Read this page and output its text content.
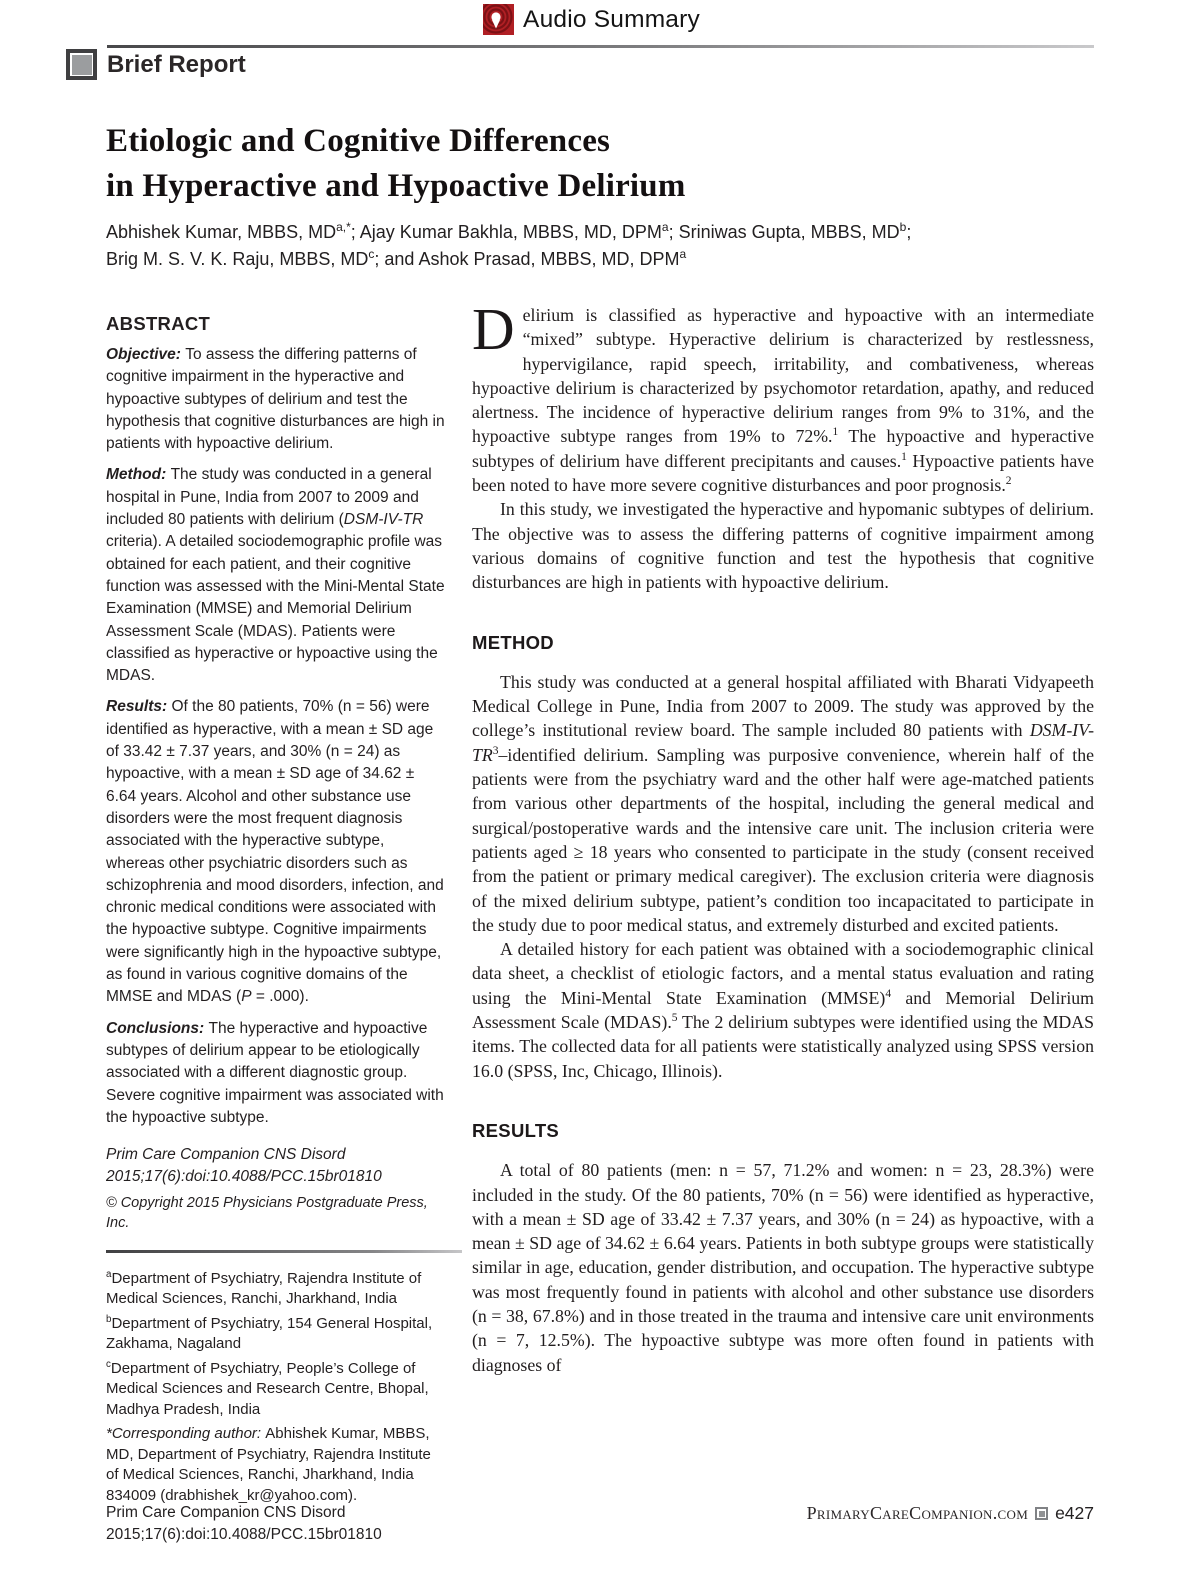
Audio Summary
Brief Report
Etiologic and Cognitive Differences
in Hyperactive and Hypoactive Delirium
Abhishek Kumar, MBBS, $MD^{a,*}$; Ajay Kumar Bakhla, MBBS, MD, DPM$^a$; Sriniwas Gupta, MBBS, $MD^b$;
Brig M. S. V. K. Raju, MBBS, $MD^c$; and Ashok Prasad, MBBS, MD, DPM$^a$
ABSTRACT

Objective: To assess the differing patterns of cognitive impairment in the hyperactive and hypoactive subtypes of delirium and test the hypothesis that cognitive disturbances are high in patients with hypoactive delirium.

Method: The study was conducted in a general hospital in Pune, India from 2007 to 2009 and included 80 patients with delirium (DSM-IV-TR criteria). A detailed sociodemographic profile was obtained for each patient, and their cognitive function was assessed with the Mini-Mental State Examination (MMSE) and Memorial Delirium Assessment Scale (MDAS). Patients were classified as hyperactive or hypoactive using the MDAS.

Results: Of the 80 patients, 70% (n = 56) were identified as hyperactive, with a mean ± SD age of 33.42 ± 7.37 years, and 30% (n = 24) as hypoactive, with a mean ± SD age of 34.62 ± 6.64 years. Alcohol and other substance use disorders were the most frequent diagnosis associated with the hyperactive subtype, whereas other psychiatric disorders such as schizophrenia and mood disorders, infection, and chronic medical conditions were associated with the hypoactive subtype. Cognitive impairments were significantly high in the hypoactive subtype, as found in various cognitive domains of the MMSE and MDAS (P = .000).

Conclusions: The hyperactive and hypoactive subtypes of delirium appear to be etiologically associated with a different diagnostic group. Severe cognitive impairment was associated with the hypoactive subtype.

Prim Care Companion CNS Disord
2015;17(6):doi:10.4088/PCC.15br01810
© Copyright 2015 Physicians Postgraduate Press, Inc.

$^a$Department of Psychiatry, Rajendra Institute of Medical Sciences, Ranchi, Jharkhand, India

$^b$Department of Psychiatry, 154 General Hospital, Zakhama, Nagaland

$^c$Department of Psychiatry, People’s College of Medical Sciences and Research Centre, Bhopal, Madhya Pradesh, India

*Corresponding author: Abhishek Kumar, MBBS, MD, Department of Psychiatry, Rajendra Institute of Medical Sciences, Ranchi, Jharkhand, India 834009 (drabhishek_kr@yahoo.com).

Delirium is classified as hyperactive and hypoactive with an intermediate “mixed” subtype. Hyperactive delirium is characterized by restlessness, hypervigilance, rapid speech, irritability, and combativeness, whereas hypoactive delirium is characterized by psychomotor retardation, apathy, and reduced alertness. The incidence of hyperactive delirium ranges from 9% to 31%, and the hypoactive subtype ranges from 19% to 72%.$^1$ The hypoactive and hyperactive subtypes of delirium have different precipitants and causes.$^1$ Hypoactive patients have been noted to have more severe cognitive disturbances and poor prognosis.$^2$

In this study, we investigated the hyperactive and hypomanic subtypes of delirium. The objective was to assess the differing patterns of cognitive impairment among various domains of cognitive function and test the hypothesis that cognitive disturbances are high in patients with hypoactive delirium.

METHOD

This study was conducted at a general hospital affiliated with Bharati Vidyapeeth Medical College in Pune, India from 2007 to 2009. The study was approved by the college’s institutional review board. The sample included 80 patients with DSM-$IV-TR^3$–identified delirium. Sampling was purposive convenience, wherein half of the patients were from the psychiatry ward and the other half were age-matched patients from various other departments of the hospital, including the general medical and surgical/postoperative wards and the intensive care unit. The inclusion criteria were patients aged ≥ 18 years who consented to participate in the study (consent received from the patient or primary medical caregiver). The exclusion criteria were diagnosis of the mixed delirium subtype, patient’s condition too incapacitated to participate in the study due to poor medical status, and extremely disturbed and excited patients.

A detailed history for each patient was obtained with a sociodemographic clinical data sheet, a checklist of etiologic factors, and a mental status evaluation and rating using the Mini-Mental State Examination (MMSE)$^4$ and Memorial Delirium Assessment Scale (MDAS).$^5$ The 2 delirium subtypes were identified using the MDAS items. The collected data for all patients were statistically analyzed using SPSS version 16.0 (SPSS, Inc, Chicago, Illinois).

RESULTS

A total of 80 patients (men: n = 57, 71.2% and women: n = 23, 28.3%) were included in the study. Of the 80 patients, 70% (n = 56) were identified as hyperactive, with a mean ± SD age of 33.42 ± 7.37 years, and 30% (n = 24) as hypoactive, with a mean ± SD age of 34.62 ± 6.64 years. Patients in both subtype groups were statistically similar in age, education, gender distribution, and occupation. The hyperactive subtype was most frequently found in patients with alcohol and other substance use disorders (n = 38, 67.8%) and in those treated in the trauma and intensive care unit environments (n = 7, 12.5%). The hypoactive subtype was more often found in patients with diagnoses of

Prim Care Companion CNS Disord
2015;17(6):doi:10.4088/PCC.15br01810
PrimaryCareCompanion.com e427
